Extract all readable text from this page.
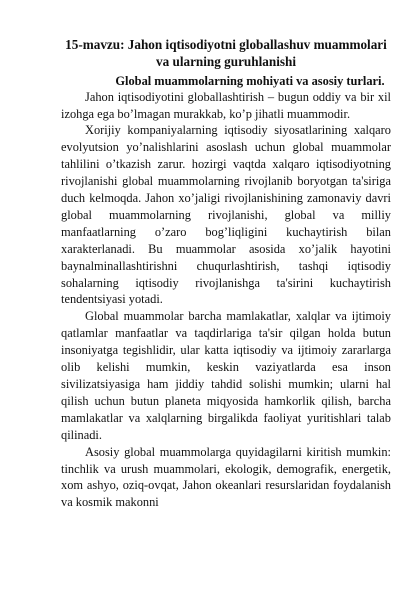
15-mavzu: Jahon iqtisodiyotni globallashuv muammolari va ularning guruhlanishi
Global muammolarning mohiyati va asosiy turlari.

Jahon iqtisodiyotini globallashtirish – bugun oddiy va bir xil izohga ega bo’lmagan murakkab, ko’p jihatli muammodir.

Xorijiy kompaniyalarning iqtisodiy siyosatlarining xalqaro evolyutsion yo’nalishlarini asoslash uchun global muammolar tahlilini o’tkazish zarur. hozirgi vaqtda xalqaro iqtisodiyotning rivojlanishi global muammolarning rivojlanib boryotgan ta'siriga duch kelmoqda. Jahon xo’jaligi rivojlanishining zamonaviy davri global muammolarning rivojlanishi, global va milliy manfaatlarning o’zaro bog’liqligini kuchaytirish bilan xarakterlanadi. Bu muammolar asosida xo’jalik hayotini baynalminallashtirishni chuqurlashtirish, tashqi iqtisodiy sohalarning iqtisodiy rivojlanishga ta'sirini kuchaytirish tendentsiyasi yotadi.

Global muammolar barcha mamlakatlar, xalqlar va ijtimoiy qatlamlar manfaatlar va taqdirlariga ta'sir qilgan holda butun insoniyatga tegishlidir, ular katta iqtisodiy va ijtimoiy zararlarga olib kelishi mumkin, keskin vaziyatlarda esa inson sivilizatsiyasiga ham jiddiy tahdid solishi mumkin; ularni hal qilish uchun butun planeta miqyosida hamkorlik qilish, barcha mamlakatlar va xalqlarning birgalikda faoliyat yuritishlari talab qilinadi.

Asosiy global muammolarga quyidagilarni kiritish mumkin: tinchlik va urush muammolari, ekologik, demografik, energetik, xom ashyo, oziq-ovqat, Jahon okeanlari resurslaridan foydalanish va kosmik makonni
